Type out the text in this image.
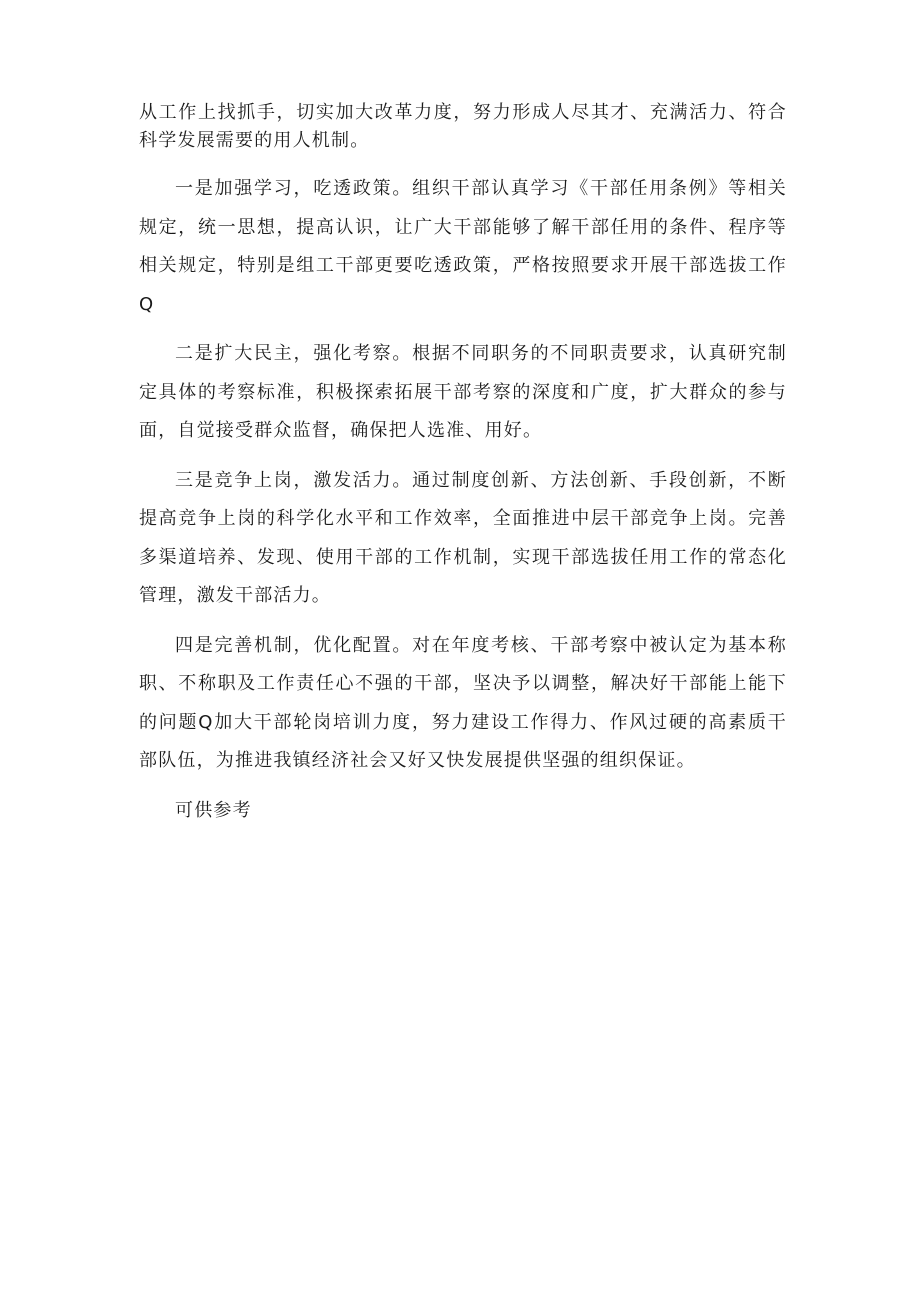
从工作上找抓手，切实加大改革力度，努力形成人尽其才、充满活力、符合科学发展需要的用人机制。

一是加强学习，吃透政策。组织干部认真学习《干部任用条例》等相关规定，统一思想，提高认识，让广大干部能够了解干部任用的条件、程序等相关规定，特别是组工干部更要吃透政策，严格按照要求开展干部选拔工作Q

二是扩大民主，强化考察。根据不同职务的不同职责要求，认真研究制定具体的考察标准，积极探索拓展干部考察的深度和广度，扩大群众的参与面，自觉接受群众监督，确保把人选准、用好。

三是竞争上岗，激发活力。通过制度创新、方法创新、手段创新，不断提高竞争上岗的科学化水平和工作效率，全面推进中层干部竞争上岗。完善多渠道培养、发现、使用干部的工作机制，实现干部选拔任用工作的常态化管理，激发干部活力。

四是完善机制，优化配置。对在年度考核、干部考察中被认定为基本称职、不称职及工作责任心不强的干部，坚决予以调整，解决好干部能上能下的问题Q加大干部轮岗培训力度，努力建设工作得力、作风过硬的高素质干部队伍，为推进我镇经济社会又好又快发展提供坚强的组织保证。

可供参考
